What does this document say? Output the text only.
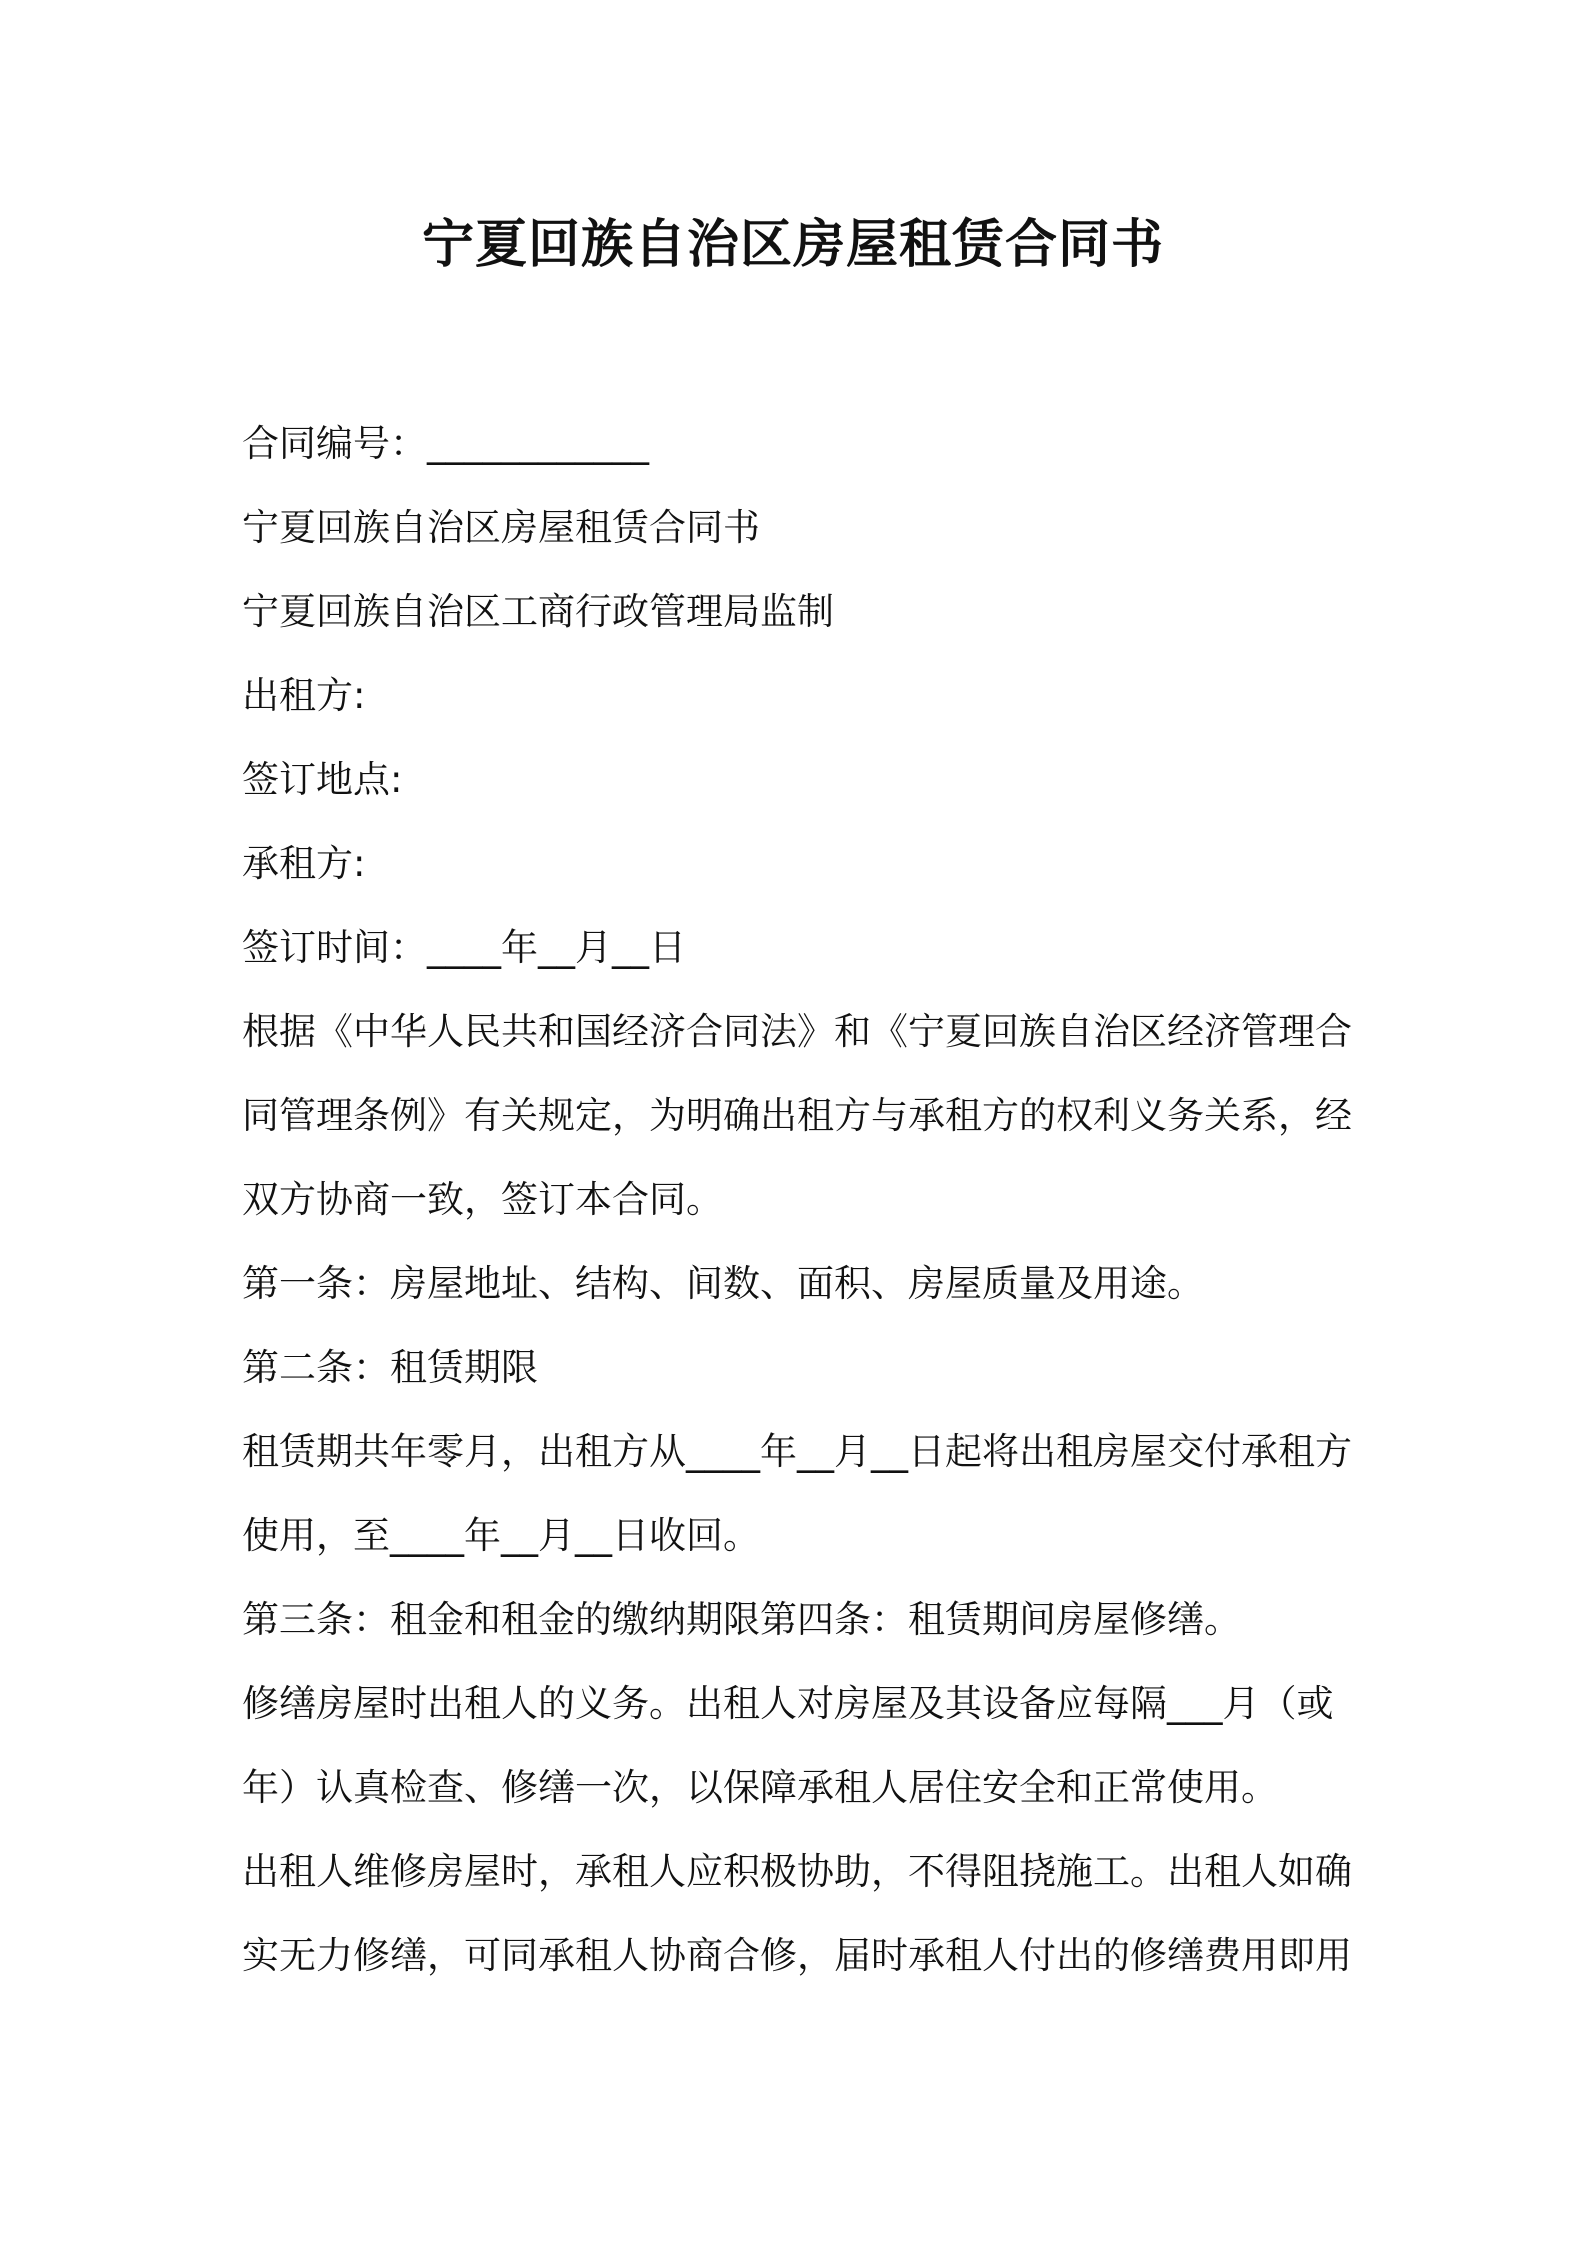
宁夏回族自治区房屋租赁合同书

合同编号：____________

宁夏回族自治区房屋租赁合同书

宁夏回族自治区工商行政管理局监制

出租方:

签订地点:

承租方:

签订时间：____年__月__日

根据《中华人民共和国经济合同法》和《宁夏回族自治区经济管理合同管理条例》有关规定，为明确出租方与承租方的权利义务关系，经双方协商一致，签订本合同。

第一条：房屋地址、结构、间数、面积、房屋质量及用途。

第二条：租赁期限

租赁期共年零月，出租方从____年__月__日起将出租房屋交付承租方使用，至____年__月__日收回。

第三条：租金和租金的缴纳期限第四条：租赁期间房屋修缮。

修缮房屋时出租人的义务。出租人对房屋及其设备应每隔___月（或年）认真检查、修缮一次，以保障承租人居住安全和正常使用。

出租人维修房屋时，承租人应积极协助，不得阻挠施工。出租人如确实无力修缮，可同承租人协商合修，届时承租人付出的修缮费用即用
